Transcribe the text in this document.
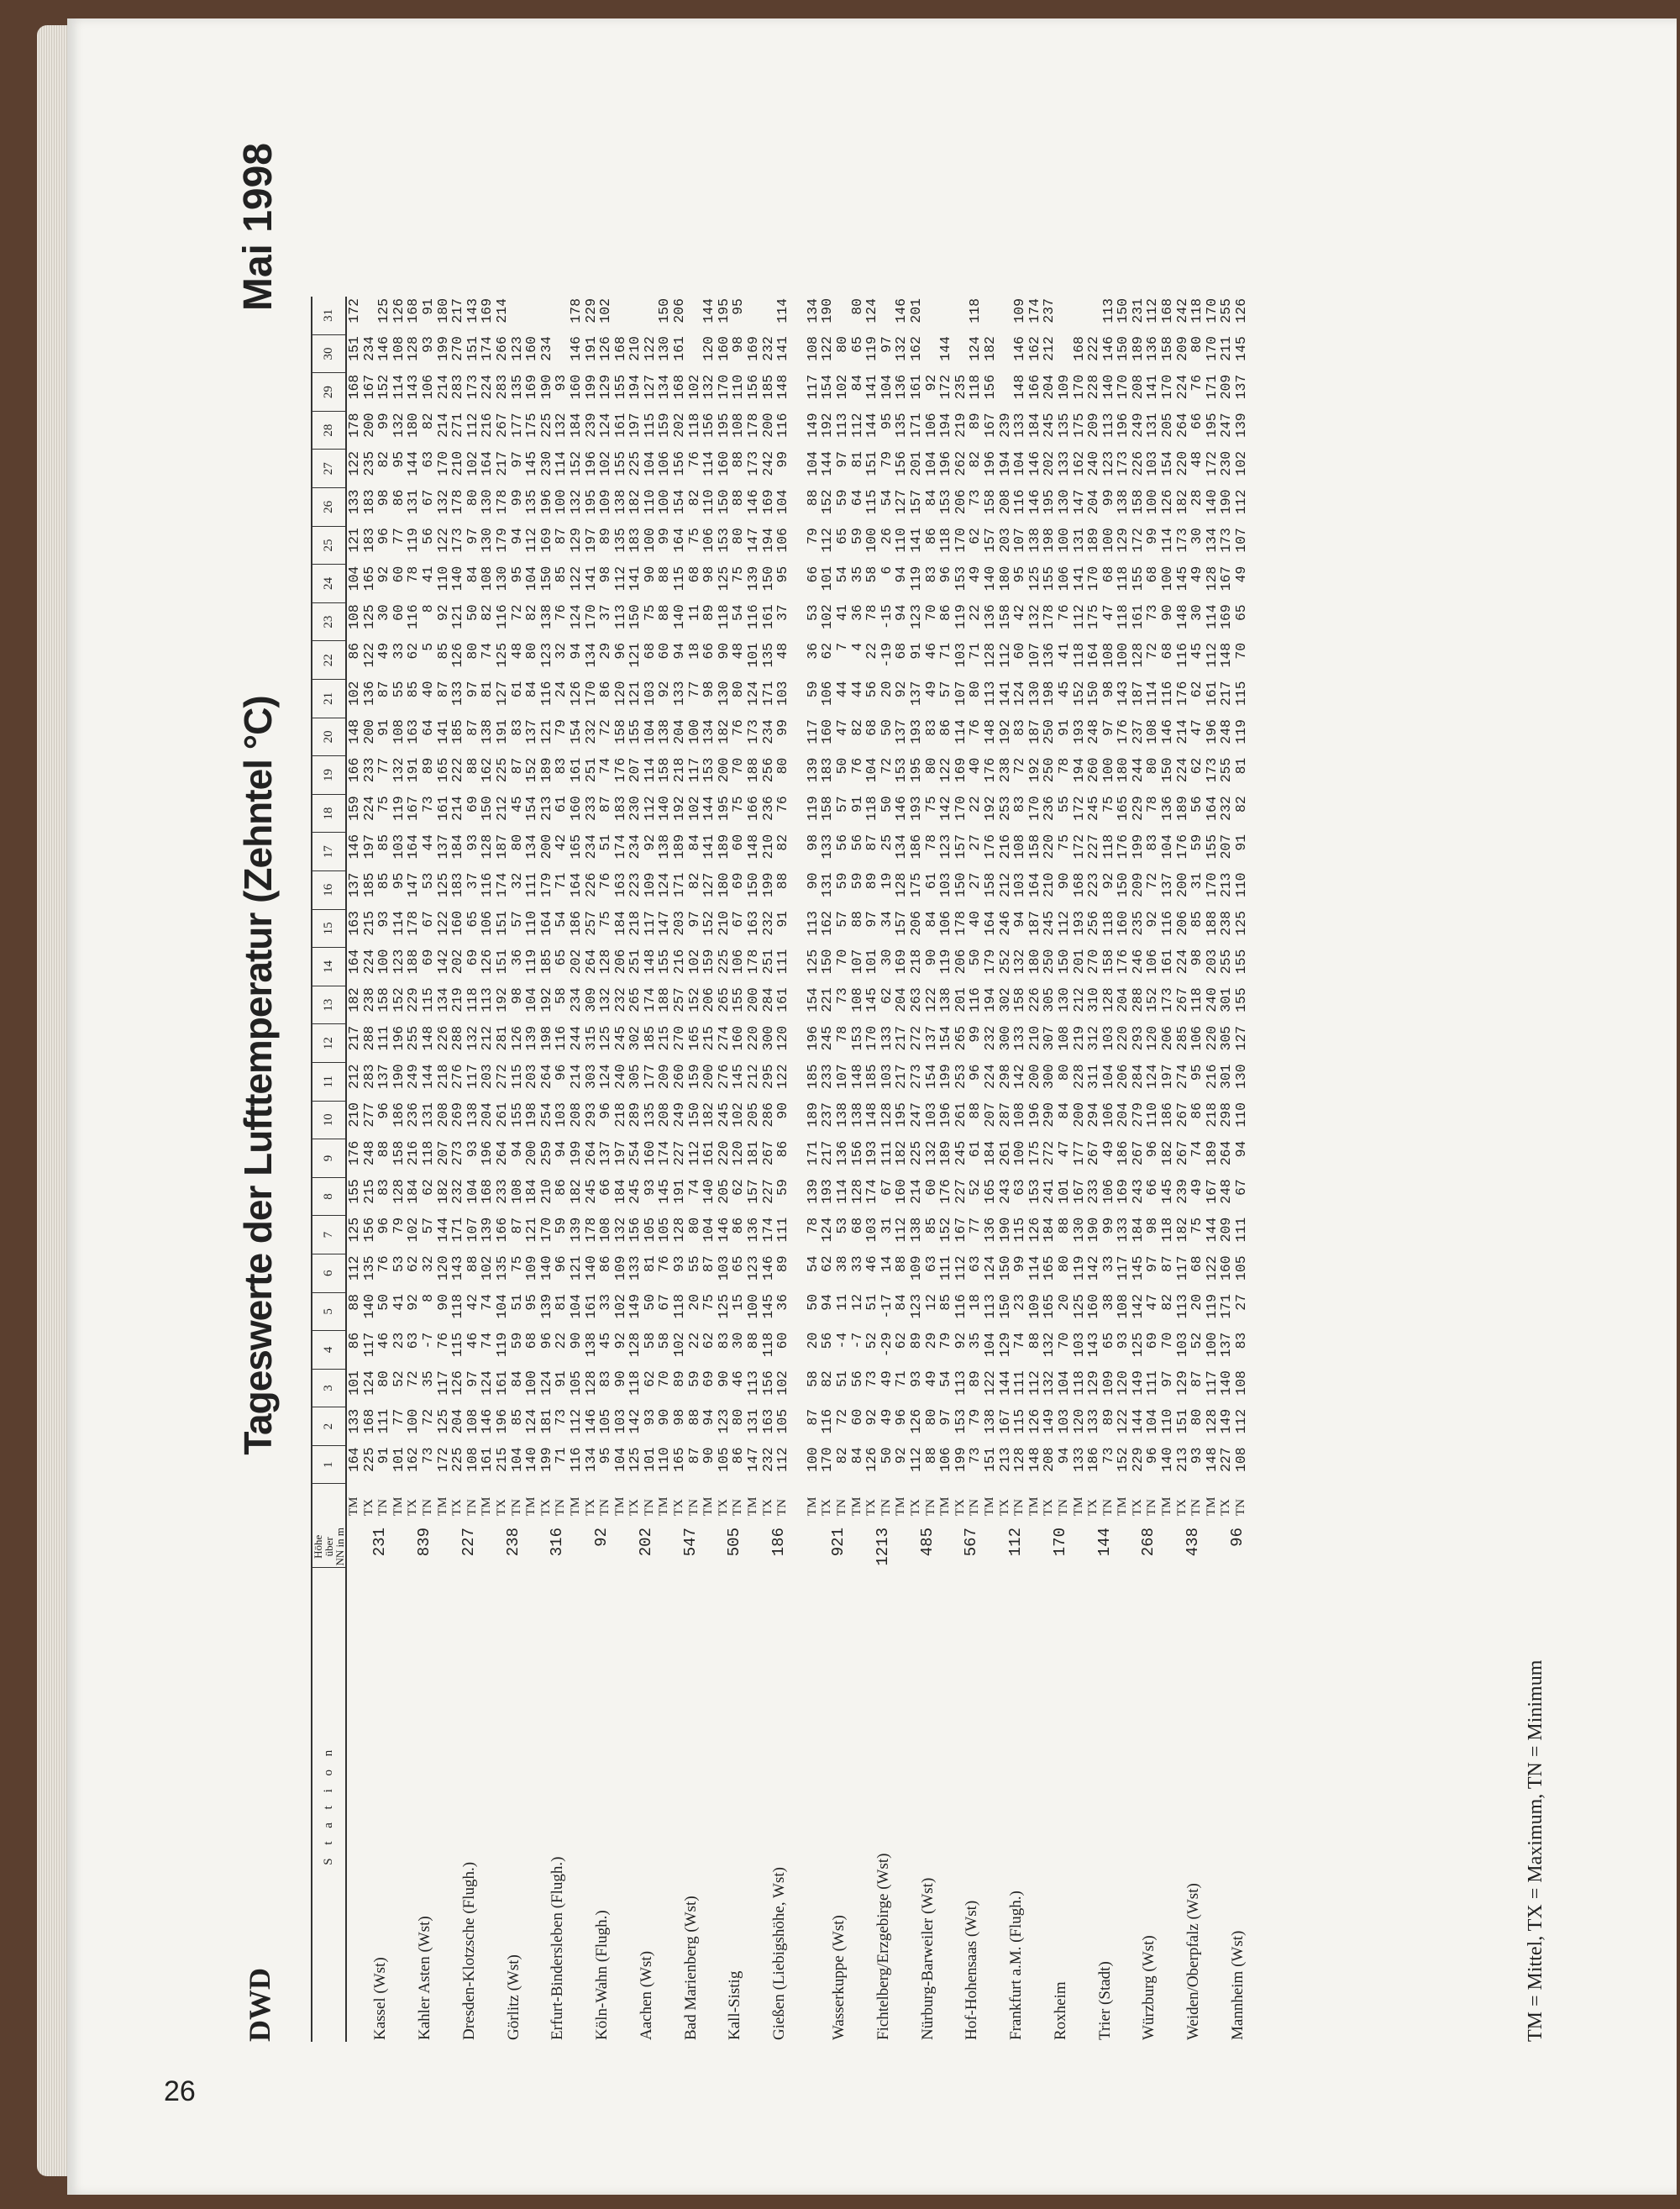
26
DWD
Tageswerte der Lufttemperatur (Zehntel °C)
Mai 1998
S t a t i o n	Höhe über
NN in m		1	2	3	4	5	6	7	8	9	10	11	12	13	14	15	16	17	18	19	20	21	22	23	24	25	26	27	28	29	30	31
Kassel (Wst)	231	TM	164	133	101	86	88	112	125	155	176	210	212	217	182	164	163	137	146	159	166	148	102	86	108	104	121	133	122	178	168	151	172
		TX	225	168	124	117	140	135	156	215	248	277	283	288	238	224	215	185	197	224	233	200	136	122	125	165	183	183	235	200	167	234	
		TN	91	111	80	46	50	76	96	83	88	96	137	111	158	100	93	85	85	75	77	91	87	49	30	92	96	98	82	99	152	146	125
Kahler Asten (Wst)	839	TM	101	77	52	23	41	53	79	128	158	186	190	196	152	123	114	95	103	119	132	108	55	33	60	60	77	86	95	132	114	108	126
		TX	162	100	72	63	92	62	102	184	216	236	249	255	229	188	178	147	164	167	191	163	85	62	116	78	119	131	144	180	143	128	168
		TN	73	72	35	-7	8	32	57	62	118	131	144	148	115	69	67	53	44	73	89	64	40	5	8	41	56	67	63	82	106	93	91
Dresden-Klotzsche (Flugh.)	227	TM	172	125	117	76	90	120	144	182	207	208	218	226	134	142	122	125	137	161	165	141	87	85	92	110	122	132	170	214	214	199	180
		TX	225	204	126	115	118	143	171	232	273	269	276	288	219	202	160	183	184	214	222	185	133	126	121	140	173	178	210	271	283	270	217
		TN	108	108	97	46	42	88	107	104	93	138	117	132	118	69	65	37	93	69	88	87	97	80	50	84	97	80	102	112	173	151	143
Görlitz (Wst)	238	TM	161	146	124	74	74	102	139	168	196	204	203	212	113	126	106	116	128	150	162	138	81	74	82	108	130	130	164	216	224	174	169
		TX	215	196	161	119	104	135	166	233	264	261	272	281	192	151	151	174	187	212	225	191	127	125	116	130	179	178	217	267	283	266	214
		TN	104	85	84	59	51	75	87	108	94	155	115	126	98	36	57	32	80	45	87	83	61	48	72	95	94	99	97	177	135	123	
Erfurt-Bindersleben (Flugh.)	316	TM	140	124	100	68	95	109	121	184	200	198	203	139	104	119	110	111	134	154	152	137	84	80	82	104	112	135	145	175	169	160	
		TX	199	181	124	96	139	140	170	210	259	254	264	198	192	185	164	179	200	213	189	121	116	123	138	150	169	196	230	225	190	234	
		TN	71	73	91	22	81	96	59	86	94	103	96	116	58	65	54	71	42	61	83	79	24	32	76	85	87	100	114	132	93		
Köln-Wahn (Flugh.)	92	TM	116	112	105	90	104	121	139	182	199	208	214	244	234	202	186	164	165	160	161	154	126	94	124	122	129	132	152	184	160	146	178
		TX	134	146	128	138	161	140	178	245	264	293	303	315	309	264	257	226	234	233	251	232	170	134	170	141	197	195	196	239	199	191	229
		TN	95	105	83	45	33	86	108	66	137	96	124	125	132	128	75	76	51	87	74	72	86	29	37	98	89	109	102	124	129	126	102
Aachen (Wst)	202	TM	104	103	90	92	102	109	132	184	197	218	240	245	232	206	184	163	174	183	176	158	120	96	113	112	135	138	155	161	155	168	
		TX	125	142	118	128	149	133	156	245	254	289	305	302	265	251	218	223	234	230	207	155	121	121	150	141	183	182	225	197	194	210	
		TN	101	93	62	58	50	81	105	93	160	135	177	185	174	148	117	109	92	112	114	104	103	68	75	90	100	110	104	115	127	122	
Bad Marienberg (Wst)	547	TM	110	90	70	58	67	76	105	145	174	208	209	215	188	155	147	124	138	140	158	138	92	60	88	88	99	100	106	159	134	130	150
		TX	165	98	89	102	118	93	128	191	227	249	260	270	257	216	203	171	189	192	218	204	133	94	140	115	164	154	156	202	168	161	206
		TN	87	88	59	22	20	55	80	74	112	150	159	165	152	102	97	82	84	102	117	100	77	18	11	68	75	82	76	118	102		
Kall-Sistig	505	TM	90	94	69	62	75	87	104	140	161	182	200	215	206	159	152	127	141	144	153	134	98	66	89	98	106	110	114	156	132	120	144
		TX	105	123	90	83	125	103	146	205	220	245	276	274	265	225	210	180	189	195	200	182	130	90	118	125	153	150	160	195	170	160	195
		TN	86	80	46	30	15	65	86	62	120	102	145	160	155	106	67	69	60	75	70	76	80	48	54	75	80	88	88	108	110	98	95
Gießen (Liebigshöhe, Wst)	186	TM	147	131	113	88	100	123	136	157	181	205	212	220	200	178	163	150	148	166	188	173	124	101	116	139	147	146	173	178	156	169	
		TX	232	163	156	118	145	146	174	227	267	286	295	300	284	251	232	199	210	236	256	234	171	135	161	150	194	169	242	200	185	232	
		TN	112	105	102	60	36	89	111	59	86	90	122	120	161	111	91	88	82	76	80	99	103	48	37	95	106	104	99	116	148	141	114

Wasserkuppe (Wst)	921	TM	100	87	58	20	50	54	78	139	171	189	185	196	154	125	113	90	98	119	139	117	59	36	53	66	79	88	104	149	117	108	134
		TX	170	116	82	56	94	62	124	193	217	237	233	245	221	150	162	131	133	158	183	160	106	62	102	101	112	152	144	192	154	122	190
		TN	82	72	51	-4	11	38	53	114	136	138	107	78	73	70	57	59	56	57	50	47	44	7	41	54	65	59	97	113	102	80	
Fichtelberg/Erzgebirge (Wst)	1213	TM	84	60	56	-7	12	33	68	128	156	138	148	153	108	107	88	59	56	91	76	82	44	4	36	35	59	64	81	112	84	65	80
		TX	126	92	73	52	51	46	103	174	193	148	185	170	145	101	97	89	87	118	104	68	56	22	78	58	100	115	151	144	141	119	124
		TN	50	49	49	-29	-17	14	31	67	111	128	103	133	62	30	34	19	25	50	72	50	20	-19	-15	6	26	54	79	95	104	97	
Nürburg-Barweiler (Wst)	485	TM	92	96	71	62	84	88	112	160	182	195	217	217	204	169	157	128	134	146	153	137	92	68	94	94	110	127	156	135	136	132	146
		TX	112	126	93	89	123	109	138	214	225	247	273	272	263	218	206	175	186	193	195	193	137	91	123	119	141	157	201	171	161	162	201
		TN	88	80	49	29	12	63	85	60	132	103	154	137	122	90	84	61	78	75	80	83	49	46	70	83	86	84	104	106	92		
Hof-Hohensaas (Wst)	567	TM	106	97	54	79	85	111	152	176	189	196	199	154	138	119	106	103	123	142	122	86	57	71	86	96	118	153	196	194	172	144	
		TX	199	153	113	92	116	112	167	227	245	261	253	265	201	206	178	150	157	170	169	114	107	103	119	153	170	206	262	219	235		
		TN	73	79	89	35	18	63	77	52	61	88	96	99	116	50	40	27	27	22	40	76	80	71	22	49	62	73	82	89	118	124	118
Frankfurt a.M. (Flugh.)	112	TM	151	138	122	104	113	124	136	165	184	207	224	232	194	179	164	158	176	192	176	148	113	128	136	140	157	158	196	167	156	182	
		TX	213	167	144	129	150	150	190	243	261	287	298	300	302	252	246	212	216	253	238	192	141	112	158	180	203	208	194	239			
		TN	128	115	111	74	23	99	115	63	100	108	142	133	158	132	94	103	108	83	72	83	124	60	42	95	107	116	104	133	148	146	109
Roxheim	170	TM	148	126	112	88	109	114	126	153	175	196	200	210	226	180	187	164	158	170	192	187	130	107	132	125	138	146	146	184	166	162	174
		TX	208	149	132	132	165	165	184	241	272	290	300	307	305	250	245	210	220	236	250	250	198	136	178	155	198	195	202	245	204	212	237
		TN	94	103	104	70	20	80	88	101	47	84	80	108	130	150	112	90	75	55	78	91	45	41	76	106	100	130	133	135	109		
Trier (Stadt)	144	TM	133	120	118	103	125	119	130	167	177	200	228	219	212	201	193	168	172	172	194	193	152	118	112	141	131	147	162	175	170	168	
		TX	186	133	129	143	160	142	190	233	267	294	311	312	310	270	256	223	227	245	260	248	150	164	175	170	189	204	240	209	228	222	
		TN	73	89	109	65	38	33	99	106	49	106	104	103	128	158	118	92	118	75	100	97	98	108	47	68	100	99	123	113	140	146	113
Würzburg (Wst)	268	TM	152	122	120	93	108	117	133	169	186	204	206	220	204	176	160	150	176	165	180	176	143	100	118	118	129	138	173	196	170	150	150
		TX	229	144	149	125	142	145	184	243	267	279	284	293	288	246	235	209	199	229	244	237	187	128	161	155	172	158	226	249	208	189	231
		TN	96	104	111	69	47	97	98	66	96	110	124	120	152	106	92	72	83	78	80	108	114	72	73	68	99	100	103	131	141	136	112
Weiden/Oberpfalz (Wst)	438	TM	140	110	97	70	82	87	118	145	182	186	197	206	173	161	116	137	104	136	150	146	116	68	90	100	114	126	154	205	170	158	168
		TX	213	151	129	103	113	117	182	239	267	267	274	285	267	224	206	200	176	189	224	214	176	116	148	145	173	182	220	264	224	209	242
		TN	93	80	87	52	20	68	75	49	74	86	95	106	118	98	85	31	59	56	62	47	62	45	30	49	30	28	48	66	76	80	118
Mannheim (Wst)	96	TM	148	128	117	100	119	122	144	167	189	218	216	220	240	203	188	170	155	164	173	196	161	112	114	128	134	140	172	195	171	170	170
		TX	227	149	140	137	171	160	209	248	264	298	301	305	301	255	238	213	207	232	255	248	217	148	169	167	173	190	230	247	209	211	255
		TN	108	112	108	83	27	105	111	67	94	110	130	127	155	155	125	110	91	82	81	119	115	70	65	49	107	112	102	139	137	145	126
TM = Mittel, TX = Maximum, TN = Minimum
